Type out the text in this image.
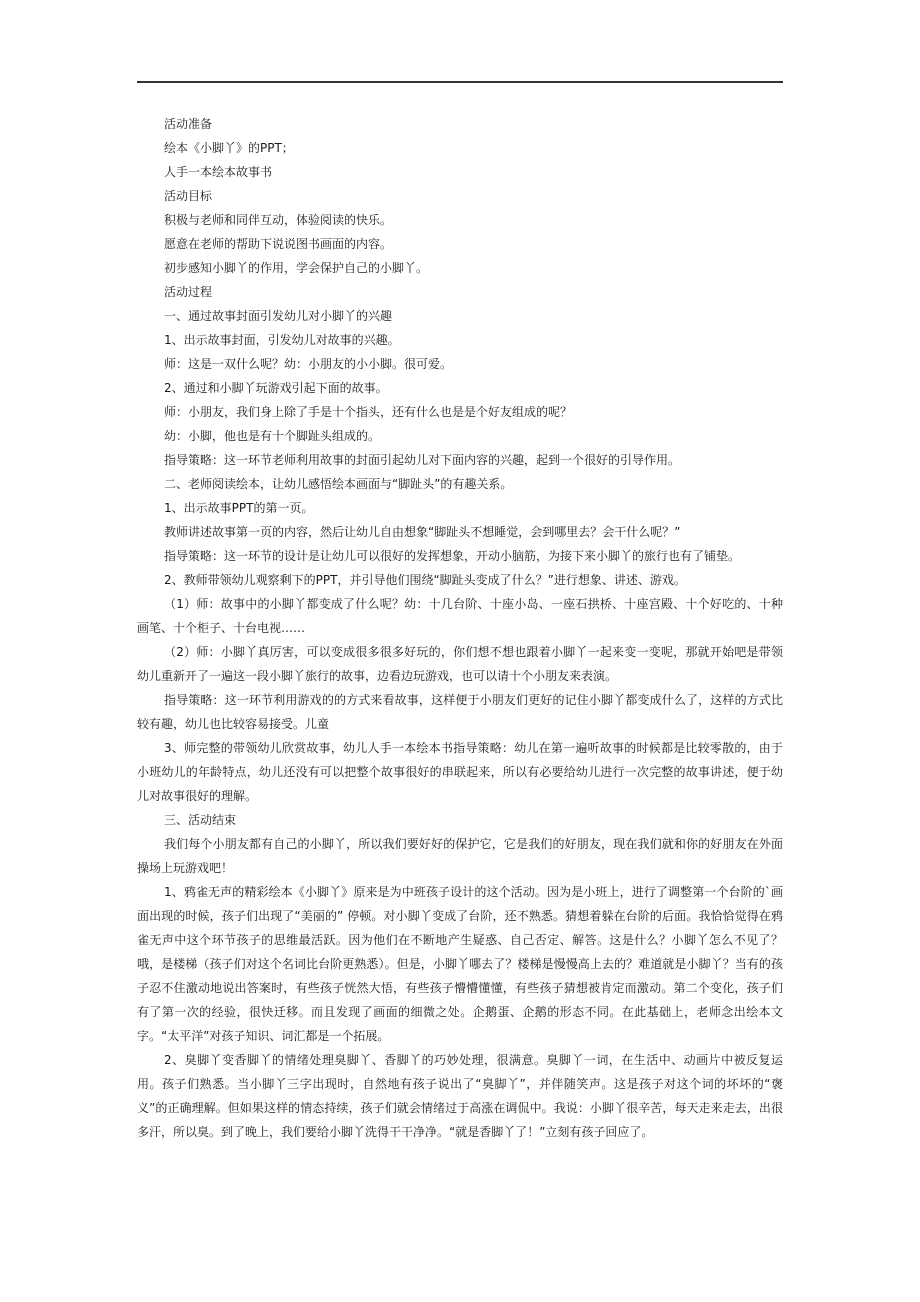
活动准备

绘本《小脚丫》的PPT；

人手一本绘本故事书

活动目标

积极与老师和同伴互动，体验阅读的快乐。

愿意在老师的帮助下说说图书画面的内容。

初步感知小脚丫的作用，学会保护自己的小脚丫。

活动过程

一、通过故事封面引发幼儿对小脚丫的兴趣

1、出示故事封面，引发幼儿对故事的兴趣。

师：这是一双什么呢？幼：小朋友的小小脚。很可爱。

2、通过和小脚丫玩游戏引起下面的故事。

师：小朋友，我们身上除了手是十个指头，还有什么也是是个好友组成的呢？

幼：小脚，他也是有十个脚趾头组成的。

指导策略：这一环节老师利用故事的封面引起幼儿对下面内容的兴趣，起到一个很好的引导作用。

二、老师阅读绘本，让幼儿感悟绘本画面与“脚趾头”的有趣关系。

1、出示故事PPT的第一页。

教师讲述故事第一页的内容，然后让幼儿自由想象“脚趾头不想睡觉，会到哪里去？会干什么呢？”

指导策略：这一环节的设计是让幼儿可以很好的发挥想象，开动小脑筋，为接下来小脚丫的旅行也有了铺垫。

2、教师带领幼儿观察剩下的PPT，并引导他们围绕“脚趾头变成了什么？”进行想象、讲述、游戏。

（1）师：故事中的小脚丫都变成了什么呢？幼：十几台阶、十座小岛、一座石拱桥、十座宫殿、十个好吃的、十种画笔、十个柜子、十台电视……

（2）师：小脚丫真厉害，可以变成很多很多好玩的，你们想不想也跟着小脚丫一起来变一变呢，那就开始吧是带领幼儿重新开了一遍这一段小脚丫旅行的故事，边看边玩游戏，也可以请十个小朋友来表演。

指导策略：这一环节利用游戏的的方式来看故事，这样便于小朋友们更好的记住小脚丫都变成什么了，这样的方式比较有趣，幼儿也比较容易接受。儿童

3、师完整的带领幼儿欣赏故事，幼儿人手一本绘本书指导策略：幼儿在第一遍听故事的时候都是比较零散的，由于小班幼儿的年龄特点，幼儿还没有可以把整个故事很好的串联起来，所以有必要给幼儿进行一次完整的故事讲述，便于幼儿对故事很好的理解。

三、活动结束

我们每个小朋友都有自己的小脚丫，所以我们要好好的保护它，它是我们的好朋友，现在我们就和你的好朋友在外面操场上玩游戏吧！

1、鸦雀无声的精彩绘本《小脚丫》原来是为中班孩子设计的这个活动。因为是小班上，进行了调整第一个台阶的`画面出现的时候，孩子们出现了“美丽的” 停顿。对小脚丫变成了台阶，还不熟悉。猜想着躲在台阶的后面。我恰恰觉得在鸦雀无声中这个环节孩子的思维最活跃。因为他们在不断地产生疑惑、自己否定、解答。这是什么？小脚丫怎么不见了？哦，是楼梯（孩子们对这个名词比台阶更熟悉）。但是，小脚丫哪去了？楼梯是慢慢高上去的？难道就是小脚丫？当有的孩子忍不住激动地说出答案时，有些孩子恍然大悟，有些孩子懵懵懂懂，有些孩子猜想被肯定而激动。第二个变化，孩子们有了第一次的经验，很快迁移。而且发现了画面的细微之处。企鹅蛋、企鹅的形态不同。在此基础上，老师念出绘本文字。“太平洋”对孩子知识、词汇都是一个拓展。

2、臭脚丫变香脚丫的情绪处理臭脚丫、香脚丫的巧妙处理，很满意。臭脚丫一词，在生活中、动画片中被反复运用。孩子们熟悉。当小脚丫三字出现时，自然地有孩子说出了“臭脚丫”，并伴随笑声。这是孩子对这个词的坏坏的“褒义”的正确理解。但如果这样的情态持续，孩子们就会情绪过于高涨在调侃中。我说：小脚丫很辛苦，每天走来走去，出很多汗，所以臭。到了晚上，我们要给小脚丫洗得干干净净。“就是香脚丫了！”立刻有孩子回应了。
